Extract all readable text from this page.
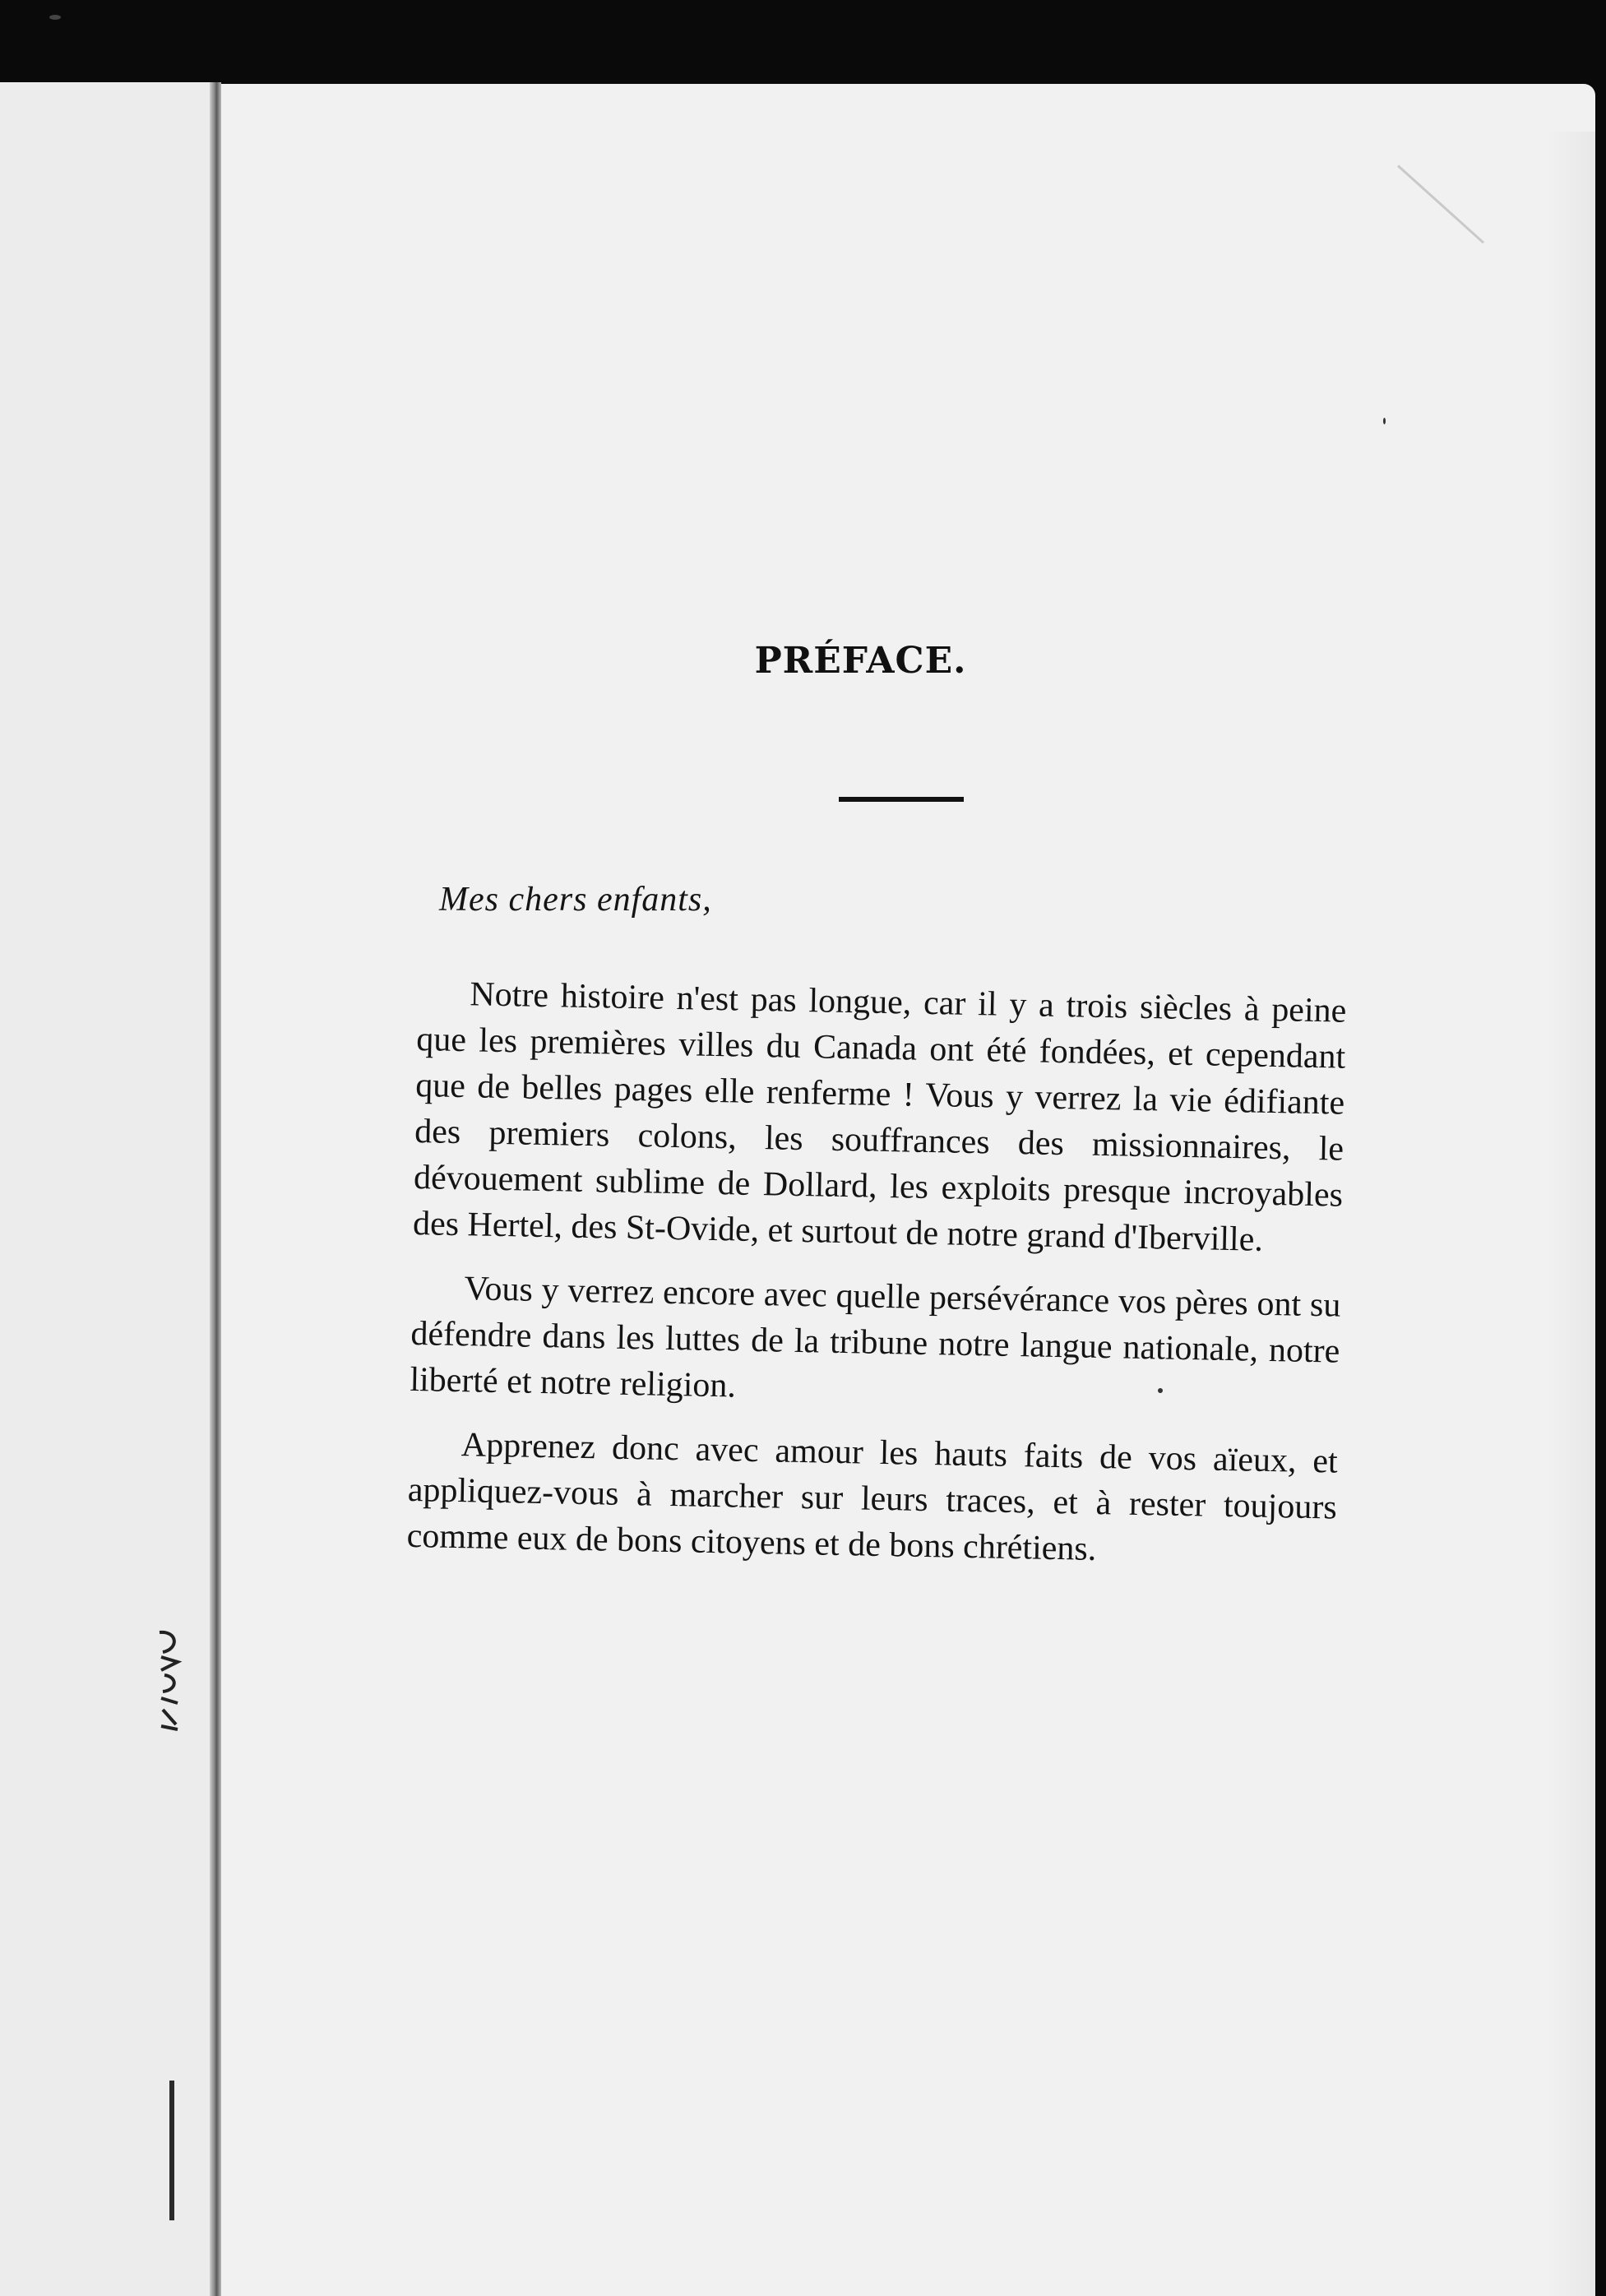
PRÉFACE.
Mes chers enfants,

Notre histoire n'est pas longue, car il y a trois siècles à peine que les premières villes du Canada ont été fondées, et cependant que de belles pages elle renferme ! Vous y verrez la vie édifiante des premiers colons, les souffrances des missionnaires, le dévouement sublime de Dollard, les exploits presque incroyables des Hertel, des St-Ovide, et surtout de notre grand d'Iberville.

Vous y verrez encore avec quelle persévérance vos pères ont su défendre dans les luttes de la tribune notre langue nationale, notre liberté et notre religion.

Apprenez donc avec amour les hauts faits de vos aïeux, et appliquez-vous à marcher sur leurs traces, et à rester toujours comme eux de bons citoyens et de bons chrétiens.
